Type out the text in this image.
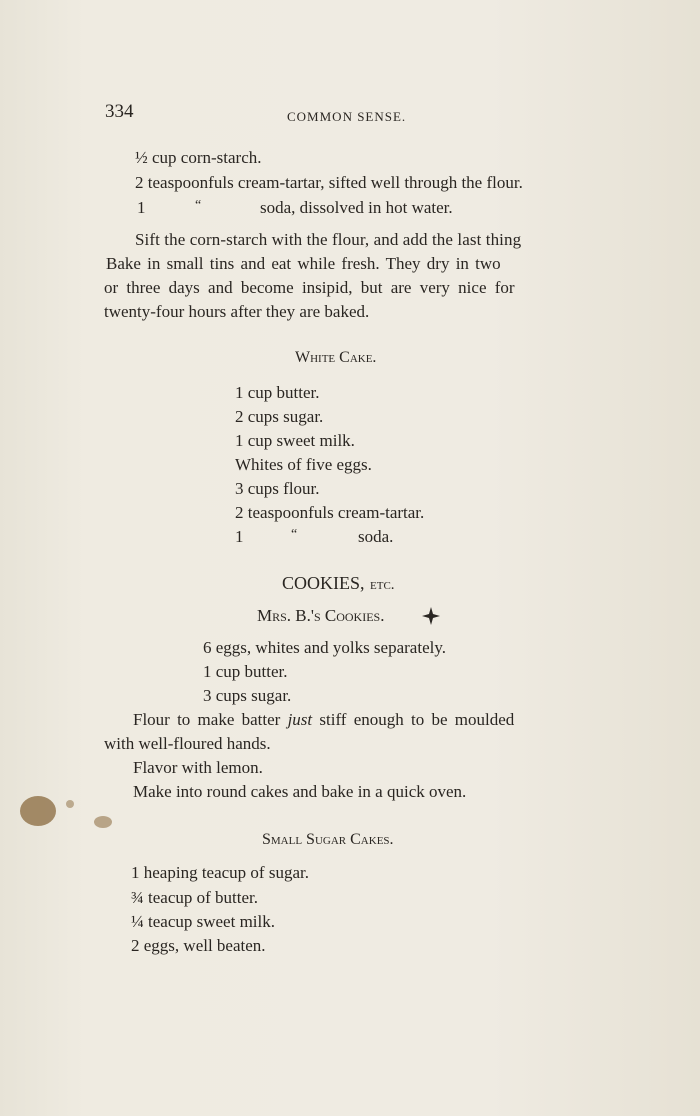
334	COMMON SENSE.
½ cup corn-starch.
2 teaspoonfuls cream-tartar, sifted well through the flour.
1	“	soda, dissolved in hot water.
Sift the corn-starch with the flour, and add the last thing
Bake in small tins and eat while fresh. They dry in two
or three days and become insipid, but are very nice for
twenty-four hours after they are baked.
White Cake.
1 cup butter.
2 cups sugar.
1 cup sweet milk.
Whites of five eggs.
3 cups flour.
2 teaspoonfuls cream-tartar.
1	“	soda.
COOKIES, etc.
Mrs. B.'s Cookies.
6 eggs, whites and yolks separately.
1 cup butter.
3 cups sugar.
Flour to make batter just stiff enough to be moulded
with well-floured hands.
Flavor with lemon.
Make into round cakes and bake in a quick oven.
Small Sugar Cakes.
1 heaping teacup of sugar.
¾ teacup of butter.
¼ teacup sweet milk.
2 eggs, well beaten.
